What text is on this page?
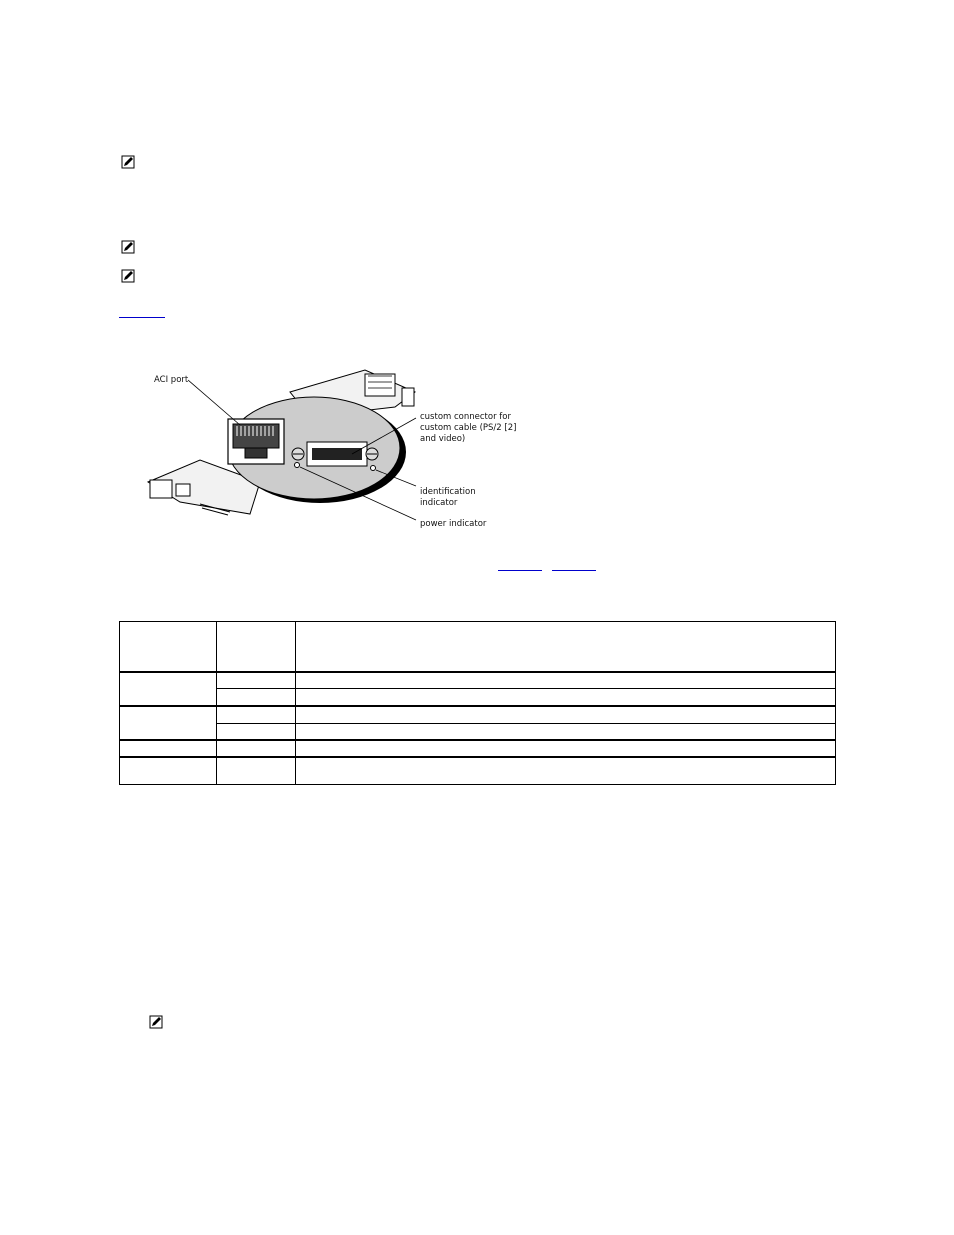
ACI port
custom connector for
custom cable (PS/2 [2]
and video)
identification
indicator
power indicator
